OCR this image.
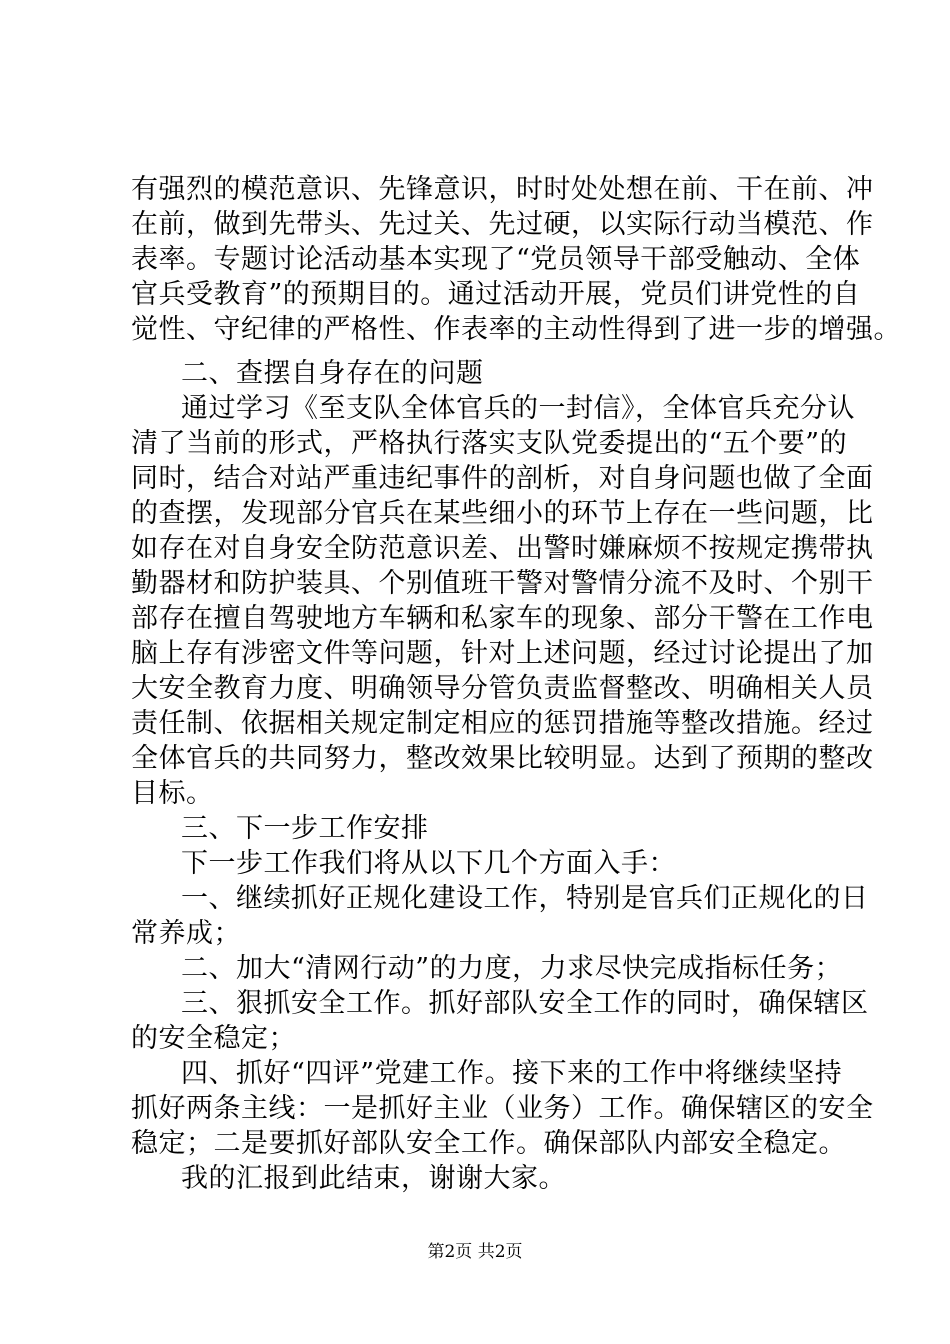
有强烈的模范意识、先锋意识，时时处处想在前、干在前、冲
在前，做到先带头、先过关、先过硬，以实际行动当模范、作
表率。专题讨论活动基本实现了“党员领导干部受触动、全体
官兵受教育”的预期目的。通过活动开展，党员们讲党性的自
觉性、守纪律的严格性、作表率的主动性得到了进一步的增强。
二、查摆自身存在的问题
通过学习《至支队全体官兵的一封信》，全体官兵充分认
清了当前的形式，严格执行落实支队党委提出的“五个要”的
同时，结合对站严重违纪事件的剖析，对自身问题也做了全面
的查摆，发现部分官兵在某些细小的环节上存在一些问题，比
如存在对自身安全防范意识差、出警时嫌麻烦不按规定携带执
勤器材和防护装具、个别值班干警对警情分流不及时、个别干
部存在擅自驾驶地方车辆和私家车的现象、部分干警在工作电
脑上存有涉密文件等问题，针对上述问题，经过讨论提出了加
大安全教育力度、明确领导分管负责监督整改、明确相关人员
责任制、依据相关规定制定相应的惩罚措施等整改措施。经过
全体官兵的共同努力，整改效果比较明显。达到了预期的整改
目标。
三、下一步工作安排
下一步工作我们将从以下几个方面入手：
一、继续抓好正规化建设工作，特别是官兵们正规化的日
常养成；
二、加大“清网行动”的力度，力求尽快完成指标任务；
三、狠抓安全工作。抓好部队安全工作的同时，确保辖区
的安全稳定；
四、抓好“四评”党建工作。接下来的工作中将继续坚持
抓好两条主线：一是抓好主业（业务）工作。确保辖区的安全
稳定；二是要抓好部队安全工作。确保部队内部安全稳定。
我的汇报到此结束，谢谢大家。
第2页 共2页
